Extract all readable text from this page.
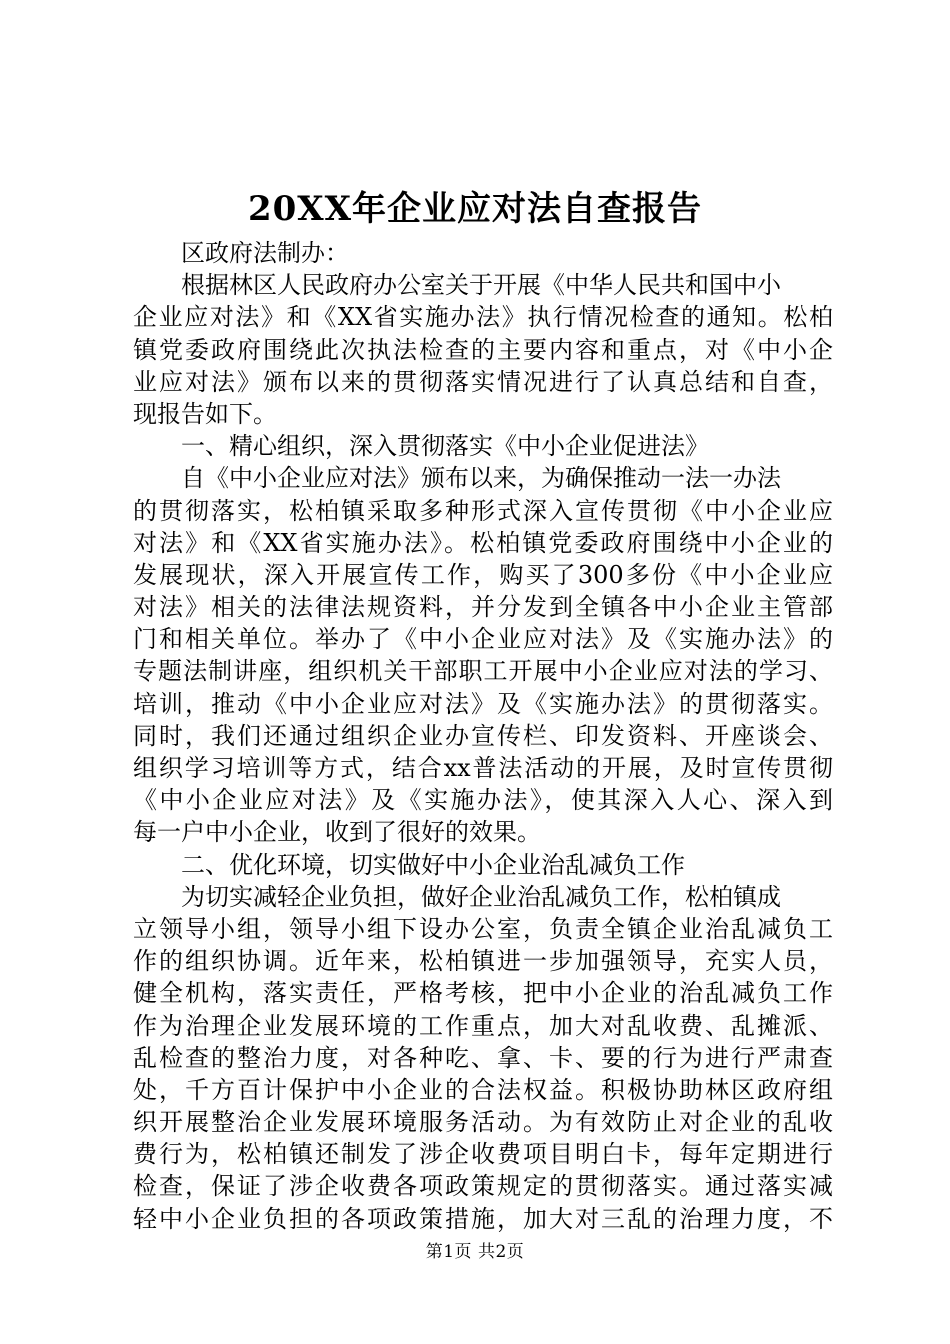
20XX年企业应对法自查报告
区政府法制办：
根据林区人民政府办公室关于开展《中华人民共和国中小
企业应对法》和《XX省实施办法》执行情况检查的通知。松柏
镇党委政府围绕此次执法检查的主要内容和重点，对《中小企
业应对法》颁布以来的贯彻落实情况进行了认真总结和自查，
现报告如下。
一、精心组织，深入贯彻落实《中小企业促进法》
自《中小企业应对法》颁布以来，为确保推动一法一办法
的贯彻落实，松柏镇采取多种形式深入宣传贯彻《中小企业应
对法》和《XX省实施办法》。松柏镇党委政府围绕中小企业的
发展现状，深入开展宣传工作，购买了300多份《中小企业应
对法》相关的法律法规资料，并分发到全镇各中小企业主管部
门和相关单位。举办了《中小企业应对法》及《实施办法》的
专题法制讲座，组织机关干部职工开展中小企业应对法的学习、
培训，推动《中小企业应对法》及《实施办法》的贯彻落实。
同时，我们还通过组织企业办宣传栏、印发资料、开座谈会、
组织学习培训等方式，结合xx普法活动的开展，及时宣传贯彻
《中小企业应对法》及《实施办法》，使其深入人心、深入到
每一户中小企业，收到了很好的效果。
二、优化环境，切实做好中小企业治乱减负工作
为切实减轻企业负担，做好企业治乱减负工作，松柏镇成
立领导小组，领导小组下设办公室，负责全镇企业治乱减负工
作的组织协调。近年来，松柏镇进一步加强领导，充实人员，
健全机构，落实责任，严格考核，把中小企业的治乱减负工作
作为治理企业发展环境的工作重点，加大对乱收费、乱摊派、
乱检查的整治力度，对各种吃、拿、卡、要的行为进行严肃查
处，千方百计保护中小企业的合法权益。积极协助林区政府组
织开展整治企业发展环境服务活动。为有效防止对企业的乱收
费行为，松柏镇还制发了涉企收费项目明白卡，每年定期进行
检查，保证了涉企收费各项政策规定的贯彻落实。通过落实减
轻中小企业负担的各项政策措施，加大对三乱的治理力度，不
第1页 共2页
